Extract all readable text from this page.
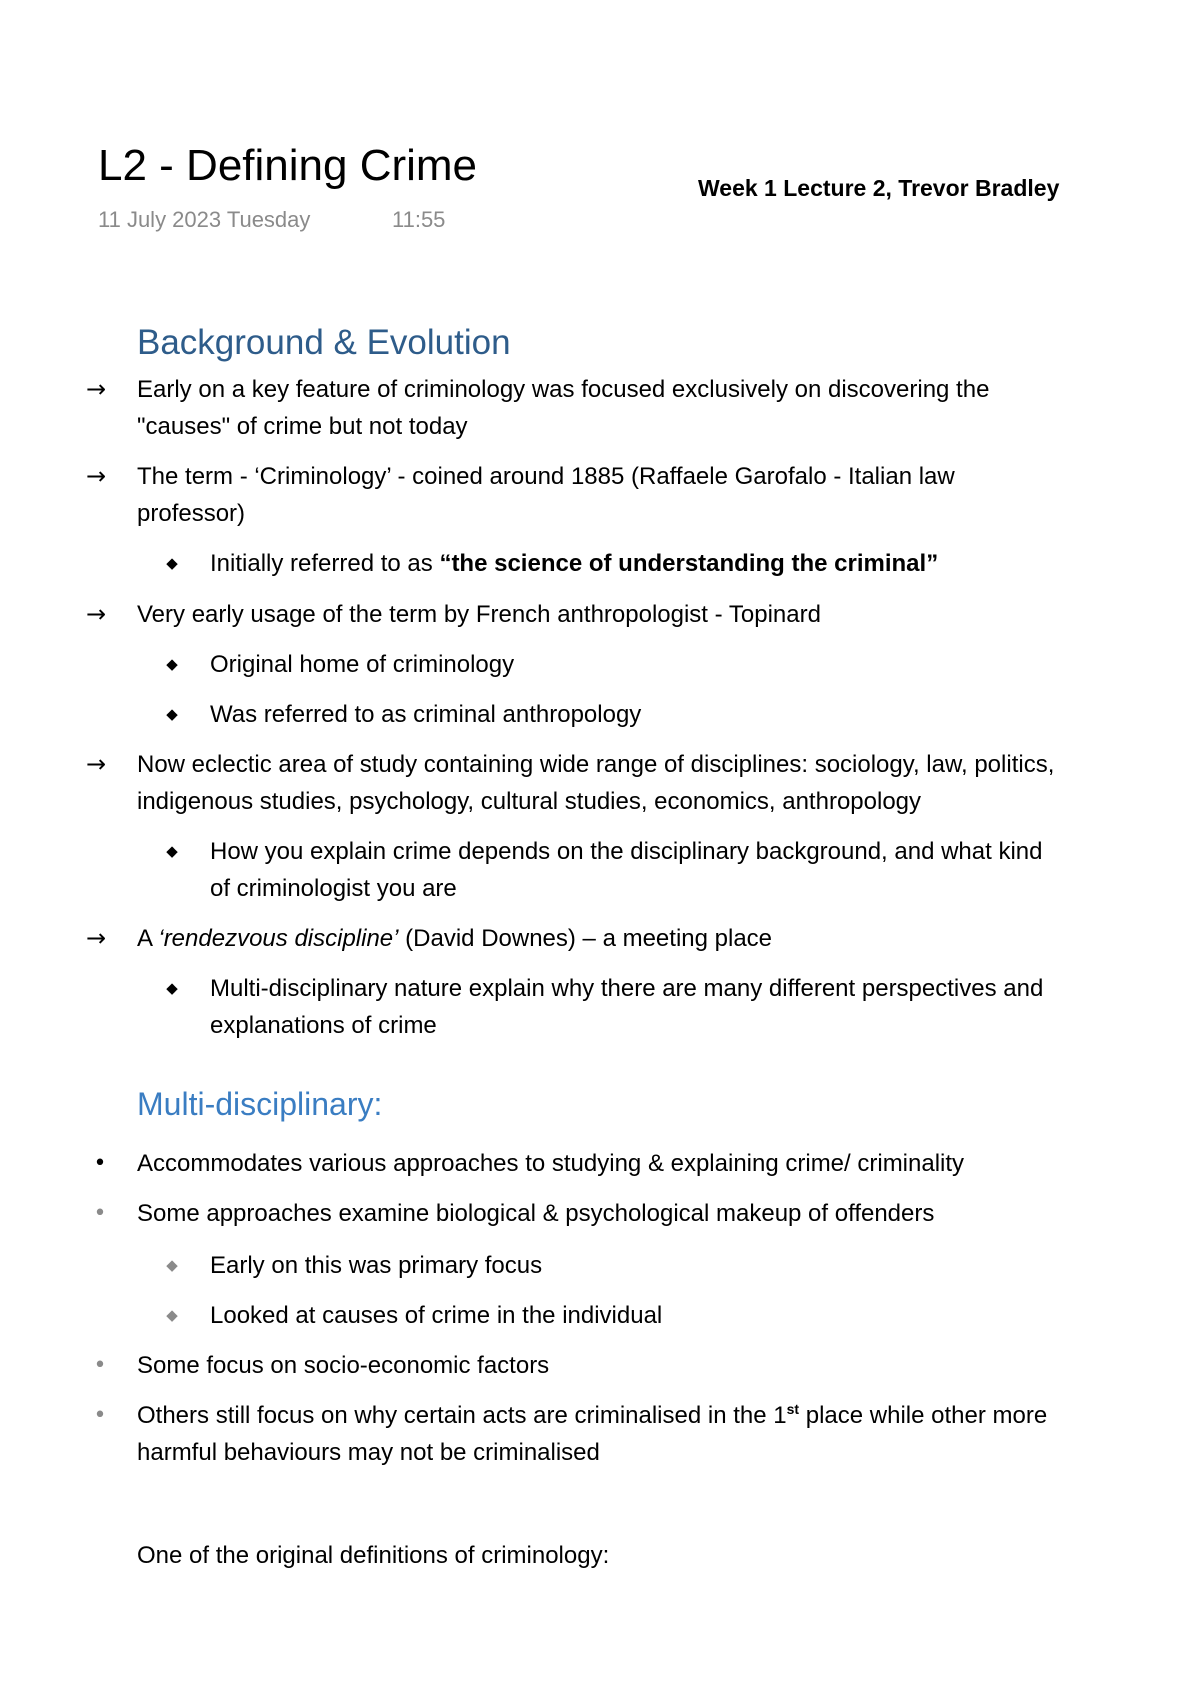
L2 - Defining Crime
11 July 2023 Tuesday	11:55
Week 1 Lecture 2, Trevor Bradley
Background & Evolution
→	Early on a key feature of criminology was focused exclusively on discovering the
"causes" of crime but not today
→	The term - ‘Criminology’ - coined around 1885 (Raffaele Garofalo - Italian law
professor)
◆	Initially referred to as “the science of understanding the criminal”
→	Very early usage of the term by French anthropologist - Topinard
◆	Original home of criminology
◆	Was referred to as criminal anthropology
→	Now eclectic area of study containing wide range of disciplines: sociology, law, politics,
indigenous studies, psychology, cultural studies, economics, anthropology
◆	How you explain crime depends on the disciplinary background, and what kind
of criminologist you are
→	A ‘rendezvous discipline’ (David Downes) – a meeting place
◆	Multi-disciplinary nature explain why there are many different perspectives and
explanations of crime
Multi-disciplinary:
•	Accommodates various approaches to studying & explaining crime/ criminality
•	Some approaches examine biological & psychological makeup of offenders
◆	Early on this was primary focus
◆	Looked at causes of crime in the individual
•	Some focus on socio-economic factors
•	Others still focus on why certain acts are criminalised in the 1st place while other more
harmful behaviours may not be criminalised
One of the original definitions of criminology:
